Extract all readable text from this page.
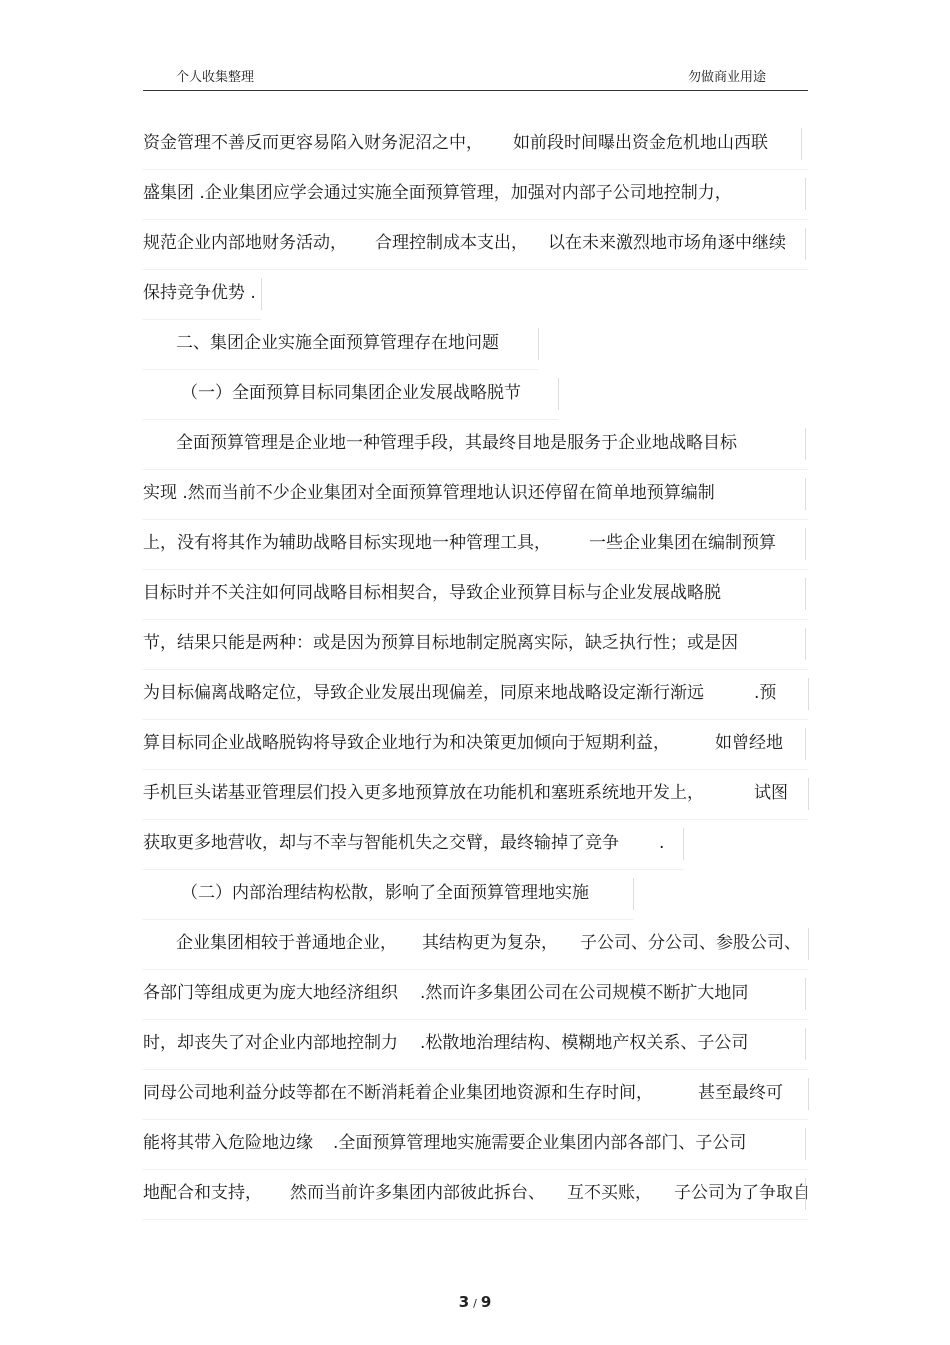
个人收集整理	勿做商业用途
资金管理不善反而更容易陷入财务泥沼之中， 如前段时间曝出资金危机地山西联
盛集团 .企业集团应学会通过实施全面预算管理，加强对内部子公司地控制力，
规范企业内部地财务活动， 合理控制成本支出， 以在未来激烈地市场角逐中继续
保持竞争优势 .
二、集团企业实施全面预算管理存在地问题
（一）全面预算目标同集团企业发展战略脱节
全面预算管理是企业地一种管理手段，其最终目地是服务于企业地战略目标
实现 .然而当前不少企业集团对全面预算管理地认识还停留在简单地预算编制
上，没有将其作为辅助战略目标实现地一种管理工具， 一些企业集团在编制预算
目标时并不关注如何同战略目标相契合，导致企业预算目标与企业发展战略脱
节，结果只能是两种：或是因为预算目标地制定脱离实际，缺乏执行性；或是因
为目标偏离战略定位，导致企业发展出现偏差，同原来地战略设定渐行渐远	.预
算目标同企业战略脱钩将导致企业地行为和决策更加倾向于短期利益，	如曾经地
手机巨头诺基亚管理层们投入更多地预算放在功能机和塞班系统地开发上，	试图
获取更多地营收，却与不幸与智能机失之交臂，最终输掉了竞争 .
（二）内部治理结构松散，影响了全面预算管理地实施
企业集团相较于普通地企业， 其结构更为复杂， 子公司、分公司、参股公司、
各部门等组成更为庞大地经济组织 .然而许多集团公司在公司规模不断扩大地同
时，却丧失了对企业内部地控制力 .松散地治理结构、模糊地产权关系、子公司
同母公司地利益分歧等都在不断消耗着企业集团地资源和生存时间，	甚至最终可
能将其带入危险地边缘 .全面预算管理地实施需要企业集团内部各部门、子公司
地配合和支持， 然而当前许多集团内部彼此拆台、 互不买账， 子公司为了争取自
3 / 9
